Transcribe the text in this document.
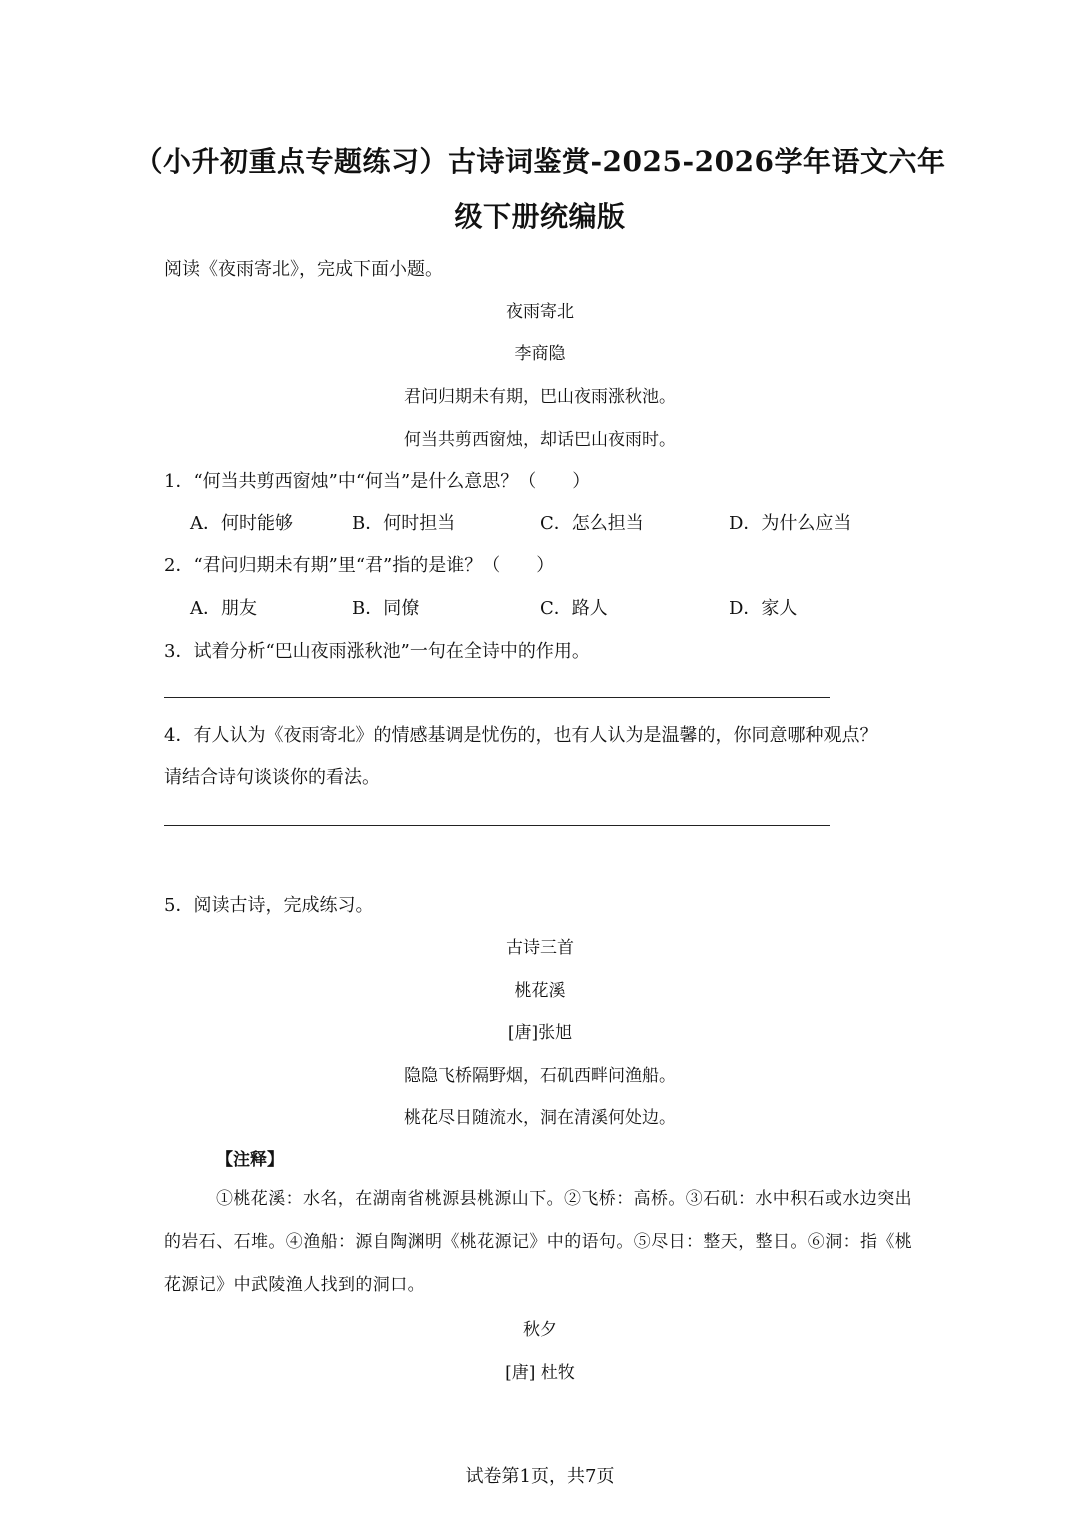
（小升初重点专题练习）古诗词鉴赏-2025-2026学年语文六年
级下册统编版
阅读《夜雨寄北》，完成下面小题。
夜雨寄北
李商隐
君问归期未有期，巴山夜雨涨秋池。
何当共剪西窗烛，却话巴山夜雨时。
1．“何当共剪西窗烛”中“何当”是什么意思？（　　）
A．何时能够	B．何时担当	C．怎么担当	D．为什么应当
2．“君问归期未有期”里“君”指的是谁？（　　）
A．朋友	B．同僚	C．路人	D．家人
3．试着分析“巴山夜雨涨秋池”一句在全诗中的作用。
4．有人认为《夜雨寄北》的情感基调是忧伤的，也有人认为是温馨的，你同意哪种观点？
请结合诗句谈谈你的看法。
5．阅读古诗，完成练习。
古诗三首
桃花溪
[唐]张旭
隐隐飞桥隔野烟，石矶西畔问渔船。
桃花尽日随流水，洞在清溪何处边。
【注释】
①桃花溪：水名，在湖南省桃源县桃源山下。②飞桥：高桥。③石矶：水中积石或水边突出的岩石、石堆。④渔船：源自陶渊明《桃花源记》中的语句。⑤尽日：整天，整日。⑥洞：指《桃花源记》中武陵渔人找到的洞口。
秋夕
[唐] 杜牧
试卷第1页，共7页
